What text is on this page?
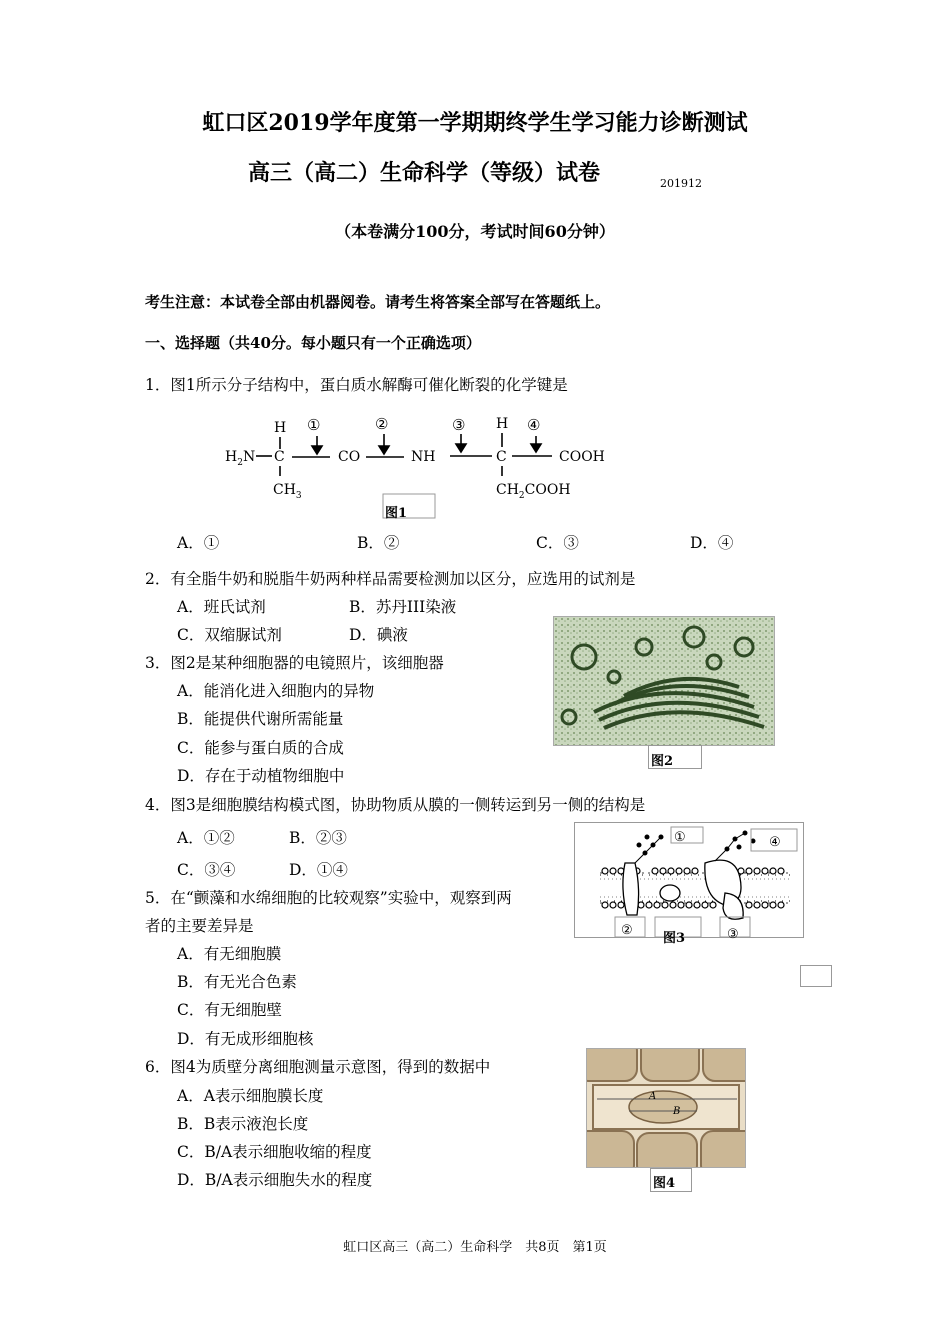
虹口区2019学年度第一学期期终学生学习能力诊断测试
高三（高二）生命科学（等级）试卷	201912
（本卷满分100分，考试时间60分钟）
考生注意：本试卷全部由机器阅卷。请考生将答案全部写在答题纸上。
一、选择题（共40分。每小题只有一个正确选项）
1．图1所示分子结构中，蛋白质水解酶可催化断裂的化学键是
①	②	③	④
H	H
$H_2N$ C	CO	NH	C	COOH
$CH_3$	$CH_2COOH$
图1
A．①	B．②	C．③	D．④
2．有全脂牛奶和脱脂牛奶两种样品需要检测加以区分，应选用的试剂是
A．班氏试剂	B．苏丹III染液
C．双缩脲试剂	D．碘液
3．图2是某种细胞器的电镜照片，该细胞器
A．能消化进入细胞内的异物
B．能提供代谢所需能量
C．能参与蛋白质的合成
D．存在于动植物细胞中
图2
4．图3是细胞膜结构模式图，协助物质从膜的一侧转运到另一侧的结构是
A．①②	B．②③
C．③④	D．①④
①	④
②
图3	③
5．在“颤藻和水绵细胞的比较观察”实验中，观察到两
者的主要差异是
A．有无细胞膜
B．有无光合色素
C．有无细胞壁
D．有无成形细胞核
6．图4为质壁分离细胞测量示意图，得到的数据中
A．A表示细胞膜长度
B．B表示液泡长度
C．B/A表示细胞收缩的程度
D．B/A表示细胞失水的程度
A
B
图4
虹口区高三（高二）生命科学　共8页　第1页
